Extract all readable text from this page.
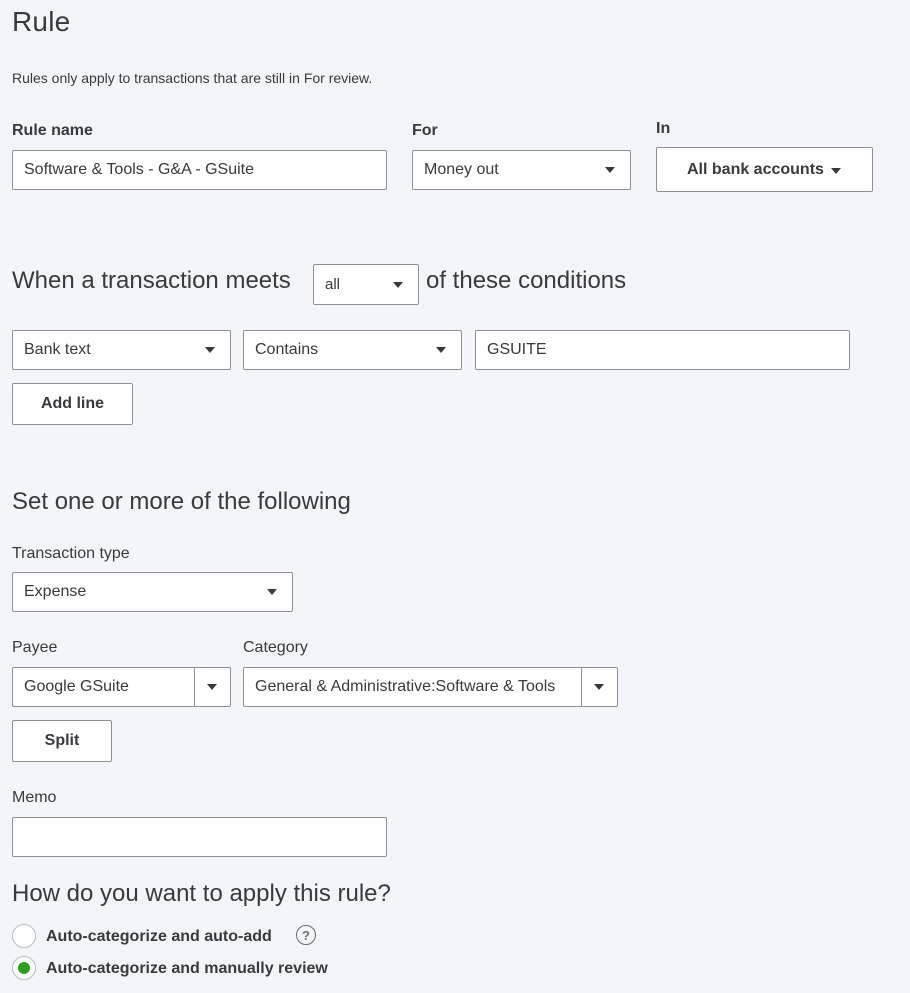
Rule
Rules only apply to transactions that are still in For review.
Rule name
Software & Tools - G&A - GSuite
For
Money out
In
All bank accounts
When a transaction meets all	of these conditions
Bank text	Contains	GSUITE
Add line
Set one or more of the following
Transaction type
Expense
Payee
Google GSuite
Category
General & Administrative:Software & Tools
Split
Memo
How do you want to apply this rule?
Auto-categorize and auto-add ?
Auto-categorize and manually review
